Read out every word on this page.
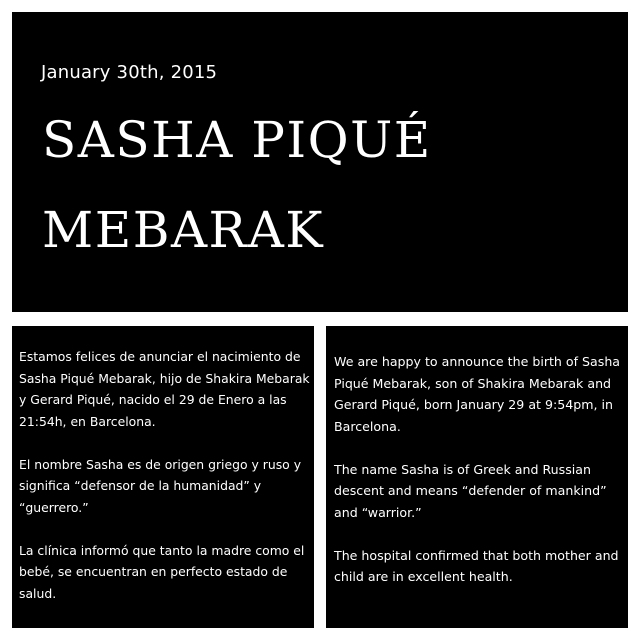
January 30th, 2015
SASHA PIQUÉ
MEBARAK

Estamos felices de anunciar el nacimiento de Sasha Piqué Mebarak, hijo de Shakira Mebarak y Gerard Piqué, nacido el 29 de Enero a las 21:54h, en Barcelona.

El nombre Sasha es de origen griego y ruso y significa “defensor de la humanidad” y “guerrero.”

La clínica informó que tanto la madre como el bebé, se encuentran en perfecto estado de salud.

We are happy to announce the birth of Sasha Piqué Mebarak, son of Shakira Mebarak and Gerard Piqué, born January 29 at 9:54pm, in Barcelona.

The name Sasha is of Greek and Russian descent and means “defender of mankind” and “warrior.”

The hospital confirmed that both mother and child are in excellent health.
